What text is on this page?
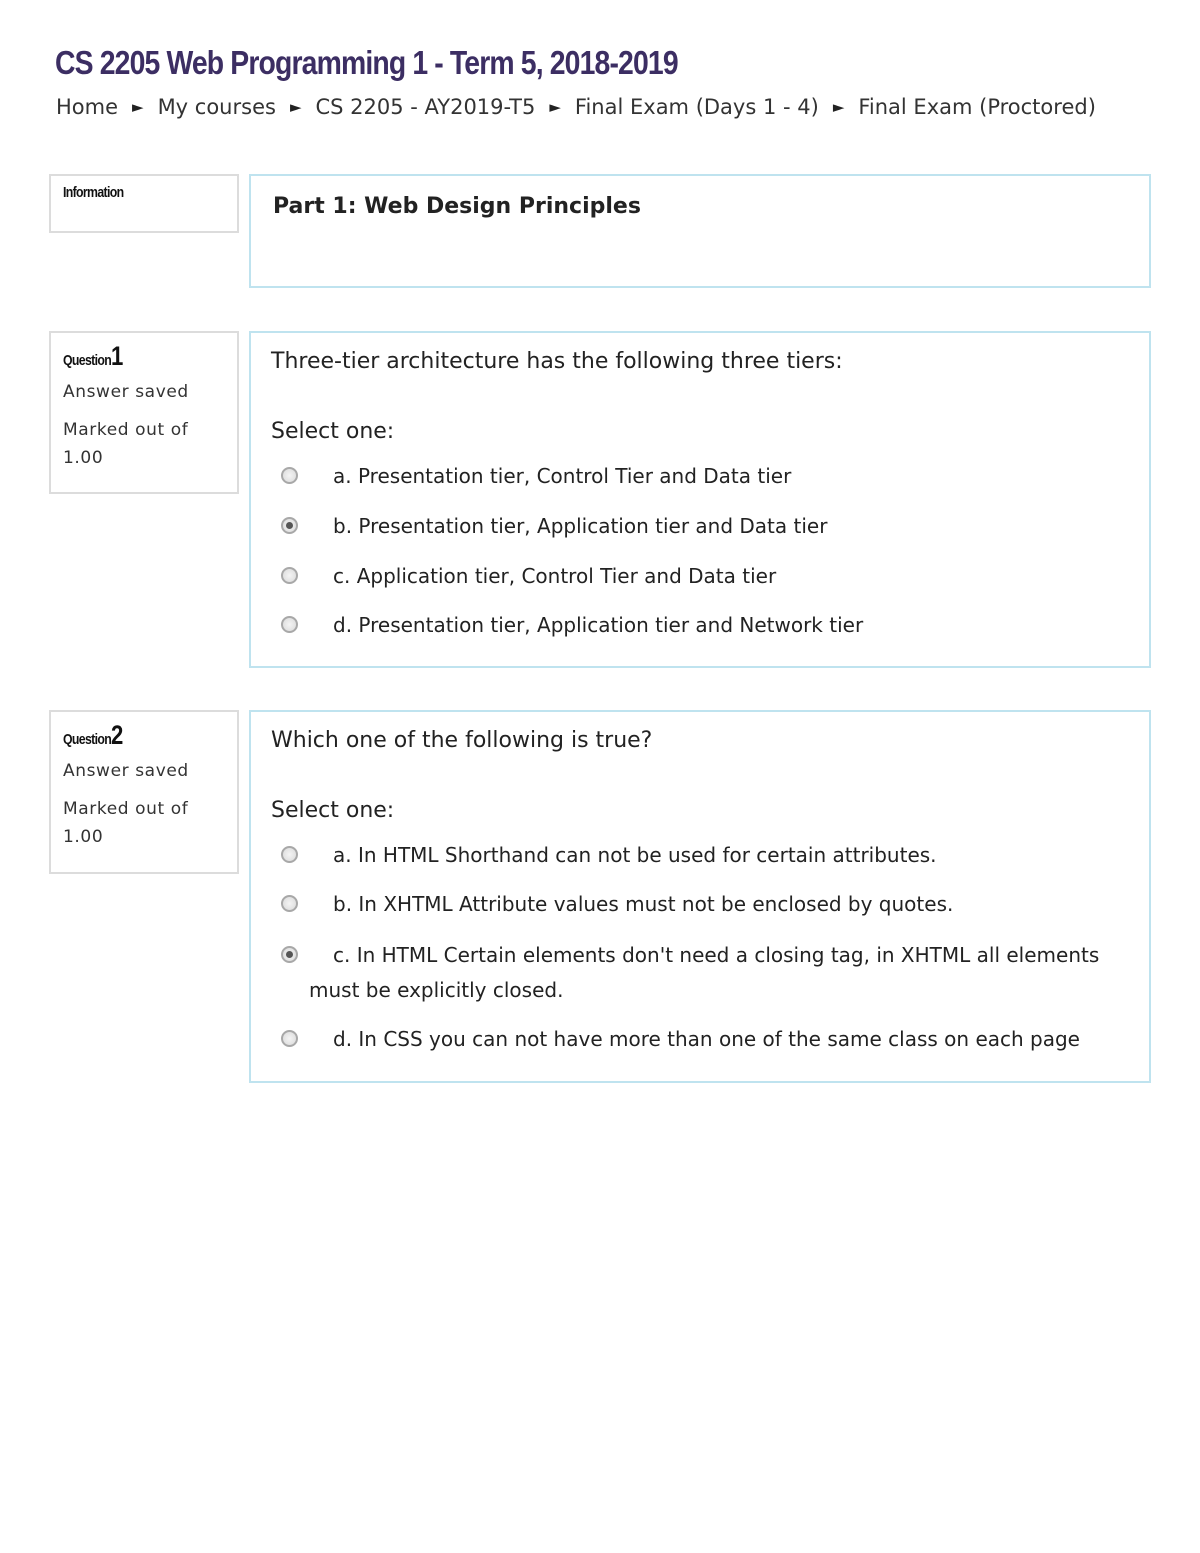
CS 2205 Web Programming 1 - Term 5, 2018-2019
Home ► My courses ► CS 2205 - AY2019-T5 ► Final Exam (Days 1 - 4) ► Final Exam (Proctored)
Information
Part 1: Web Design Principles
Question1
Answer saved
Marked out of
1.00
Three-tier architecture has the following three tiers:
Select one:
a. Presentation tier, Control Tier and Data tier
b. Presentation tier, Application tier and Data tier
c. Application tier, Control Tier and Data tier
d. Presentation tier, Application tier and Network tier
Question2
Answer saved
Marked out of
1.00
Which one of the following is true?
Select one:
a. In HTML Shorthand can not be used for certain attributes.
b. In XHTML Attribute values must not be enclosed by quotes.
c. In HTML Certain elements don't need a closing tag, in XHTML all elements
must be explicitly closed.
d. In CSS you can not have more than one of the same class on each page
